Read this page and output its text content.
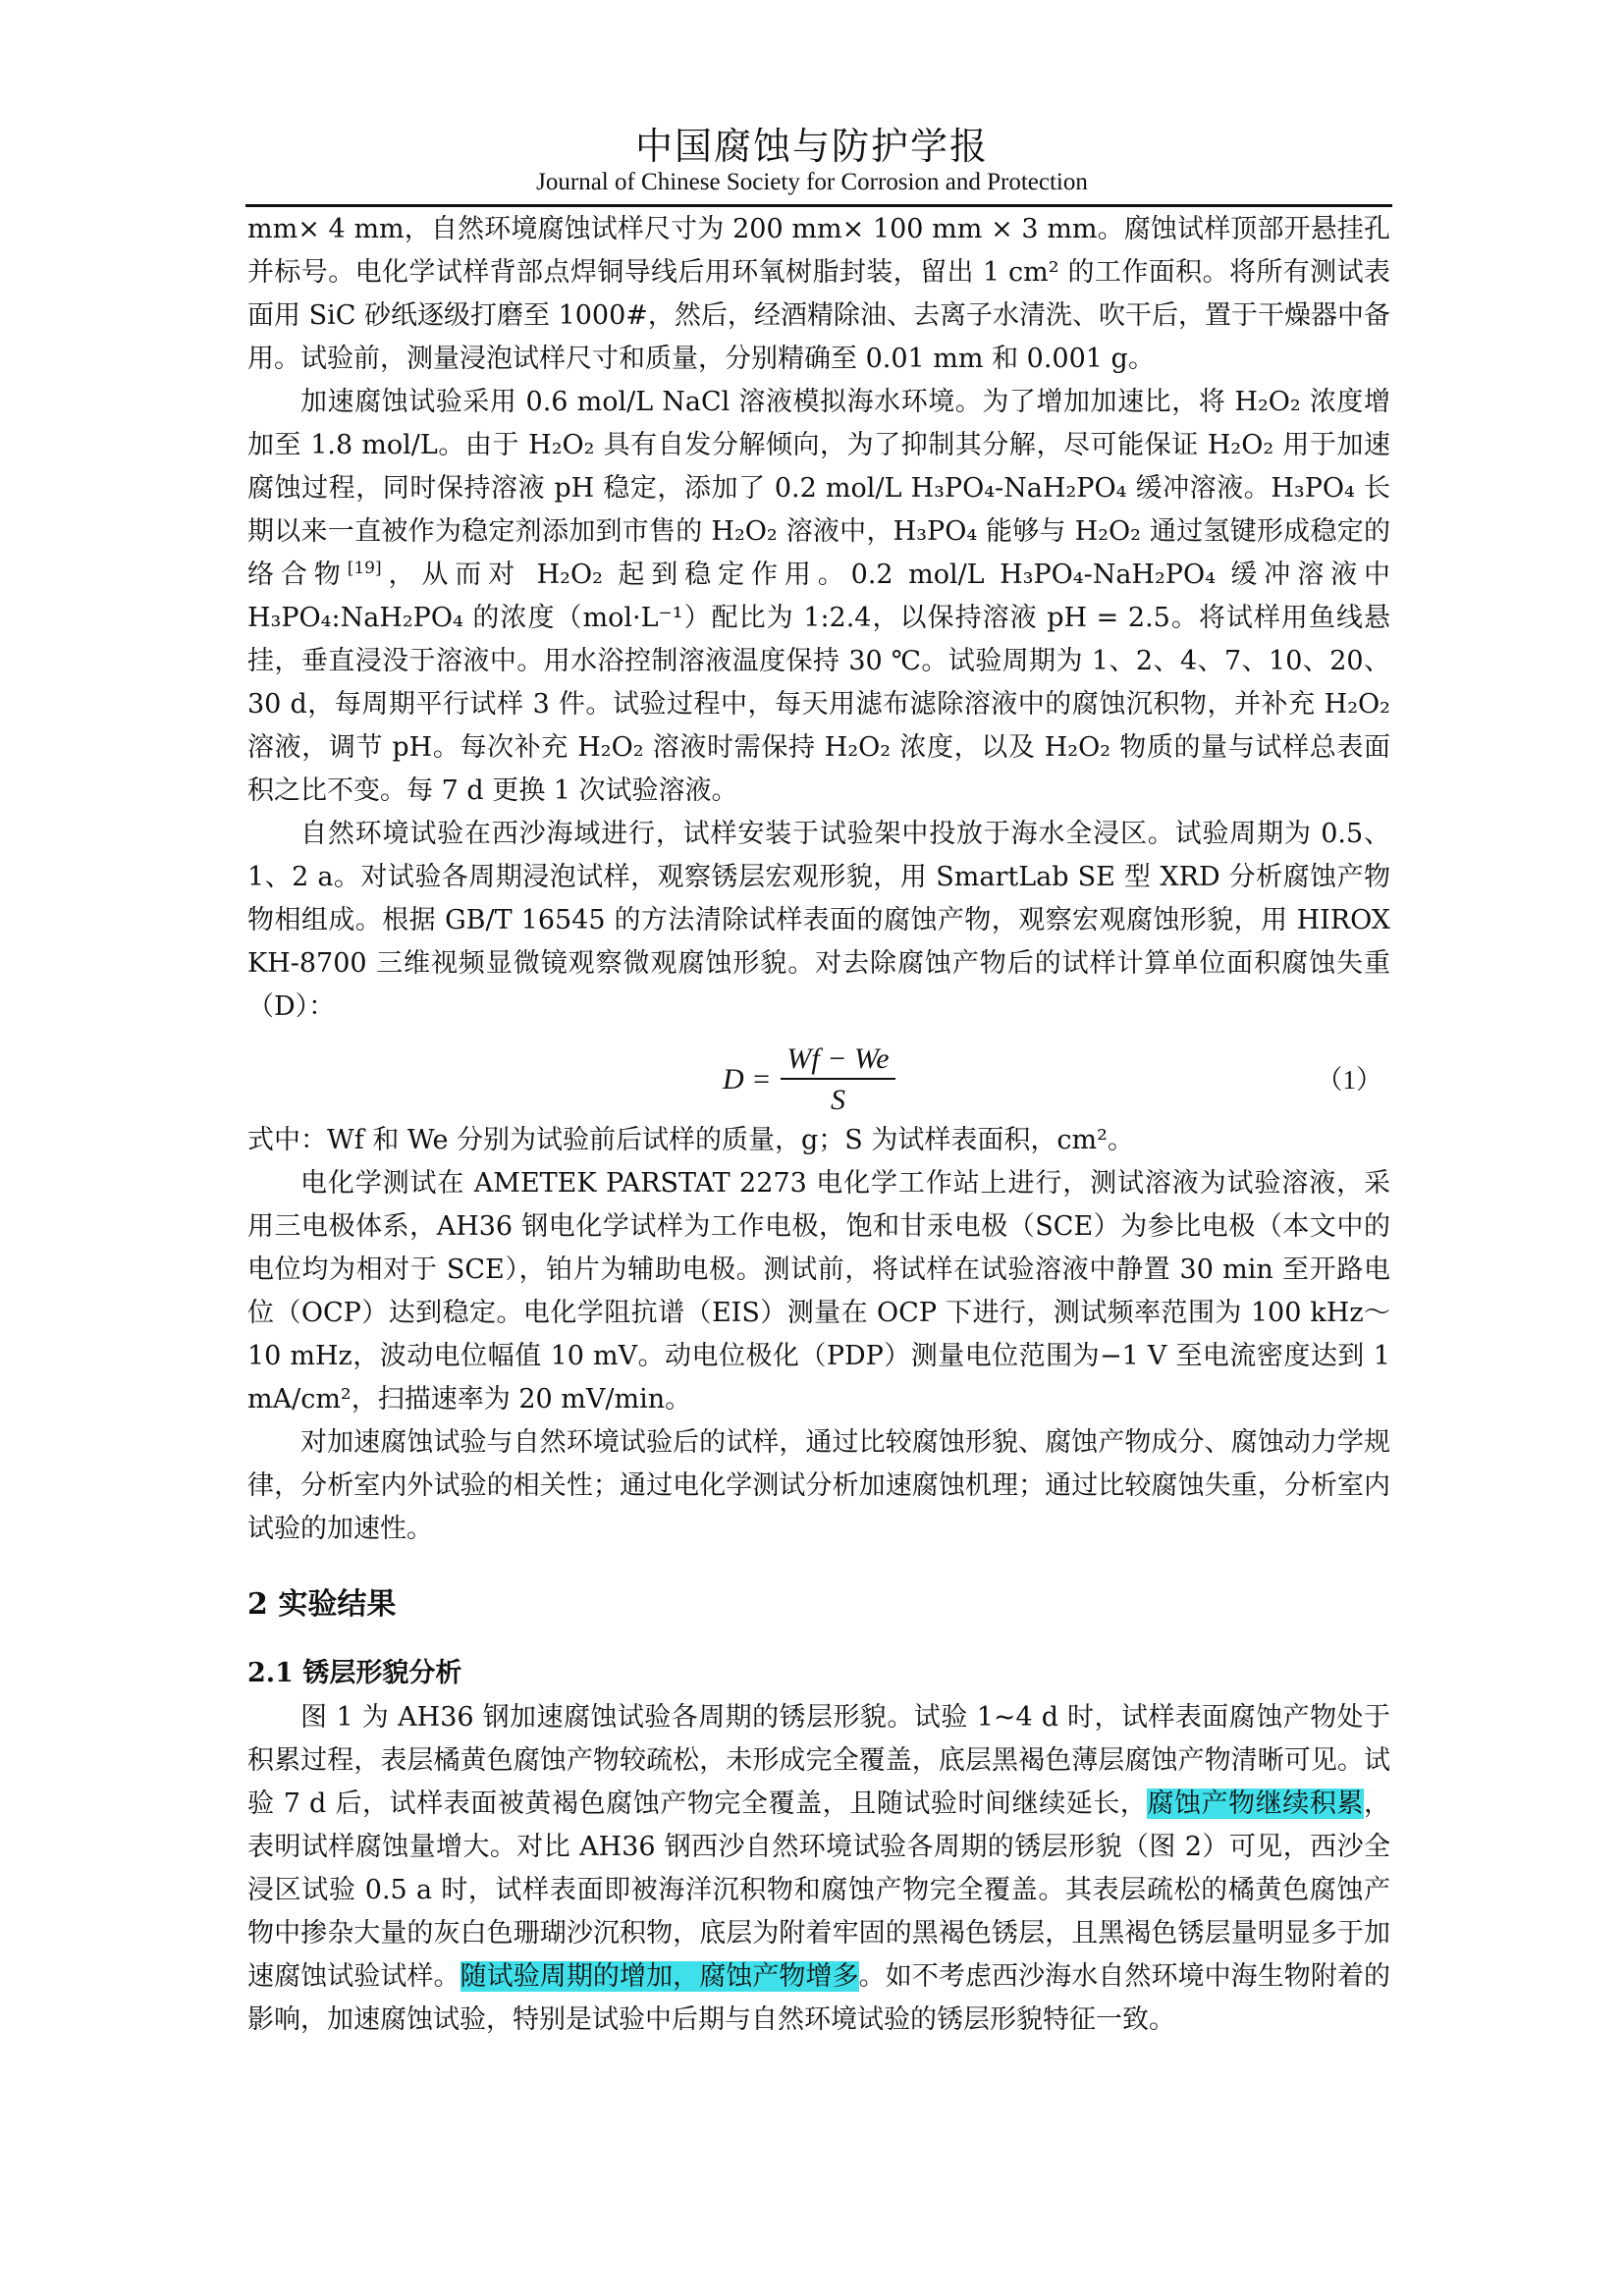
中国腐蚀与防护学报
Journal of Chinese Society for Corrosion and Protection

mm× 4 mm，自然环境腐蚀试样尺寸为 200 mm× 100 mm × 3 mm。腐蚀试样顶部开悬挂孔并标号。电化学试样背部点焊铜导线后用环氧树脂封装，留出 1 cm² 的工作面积。将所有测试表面用 SiC 砂纸逐级打磨至 1000#，然后，经酒精除油、去离子水清洗、吹干后，置于干燥器中备用。试验前，测量浸泡试样尺寸和质量，分别精确至 0.01 mm 和 0.001 g。

加速腐蚀试验采用 0.6 mol/L NaCl 溶液模拟海水环境。为了增加加速比，将 H₂O₂ 浓度增加至 1.8 mol/L。由于 H₂O₂ 具有自发分解倾向，为了抑制其分解，尽可能保证 H₂O₂ 用于加速腐蚀过程，同时保持溶液 pH 稳定，添加了 0.2 mol/L H₃PO₄-NaH₂PO₄ 缓冲溶液。H₃PO₄ 长期以来一直被作为稳定剂添加到市售的 H₂O₂ 溶液中，H₃PO₄ 能够与 H₂O₂ 通过氢键形成稳定的络合物[19]，从而对 H₂O₂ 起到稳定作用。0.2 mol/L H₃PO₄-NaH₂PO₄ 缓冲溶液中 H₃PO₄:NaH₂PO₄ 的浓度（mol·L⁻¹）配比为 1:2.4，以保持溶液 pH = 2.5。将试样用鱼线悬挂，垂直浸没于溶液中。用水浴控制溶液温度保持 30 ℃。试验周期为 1、2、4、7、10、20、30 d，每周期平行试样 3 件。试验过程中，每天用滤布滤除溶液中的腐蚀沉积物，并补充 H₂O₂ 溶液，调节 pH。每次补充 H₂O₂ 溶液时需保持 H₂O₂ 浓度，以及 H₂O₂ 物质的量与试样总表面积之比不变。每 7 d 更换 1 次试验溶液。

自然环境试验在西沙海域进行，试样安装于试验架中投放于海水全浸区。试验周期为 0.5、1、2 a。对试验各周期浸泡试样，观察锈层宏观形貌，用 SmartLab SE 型 XRD 分析腐蚀产物物相组成。根据 GB/T 16545 的方法清除试样表面的腐蚀产物，观察宏观腐蚀形貌，用 HIROX KH-8700 三维视频显微镜观察微观腐蚀形貌。对去除腐蚀产物后的试样计算单位面积腐蚀失重（D）：

$D = \frac{Wf - We}{S}$	（1）

式中：Wf 和 We 分别为试验前后试样的质量，g；S 为试样表面积，cm²。

电化学测试在 AMETEK PARSTAT 2273 电化学工作站上进行，测试溶液为试验溶液，采用三电极体系，AH36 钢电化学试样为工作电极，饱和甘汞电极（SCE）为参比电极（本文中的电位均为相对于 SCE），铂片为辅助电极。测试前，将试样在试验溶液中静置 30 min 至开路电位（OCP）达到稳定。电化学阻抗谱（EIS）测量在 OCP 下进行，测试频率范围为 100 kHz～10 mHz，波动电位幅值 10 mV。动电位极化（PDP）测量电位范围为−1 V 至电流密度达到 1 mA/cm²，扫描速率为 20 mV/min。

对加速腐蚀试验与自然环境试验后的试样，通过比较腐蚀形貌、腐蚀产物成分、腐蚀动力学规律，分析室内外试验的相关性；通过电化学测试分析加速腐蚀机理；通过比较腐蚀失重，分析室内试验的加速性。

2 实验结果
2.1 锈层形貌分析

图 1 为 AH36 钢加速腐蚀试验各周期的锈层形貌。试验 1~4 d 时，试样表面腐蚀产物处于积累过程，表层橘黄色腐蚀产物较疏松，未形成完全覆盖，底层黑褐色薄层腐蚀产物清晰可见。试验 7 d 后，试样表面被黄褐色腐蚀产物完全覆盖，且随试验时间继续延长，腐蚀产物继续积累，表明试样腐蚀量增大。对比 AH36 钢西沙自然环境试验各周期的锈层形貌（图 2）可见，西沙全浸区试验 0.5 a 时，试样表面即被海洋沉积物和腐蚀产物完全覆盖。其表层疏松的橘黄色腐蚀产物中掺杂大量的灰白色珊瑚沙沉积物，底层为附着牢固的黑褐色锈层，且黑褐色锈层量明显多于加速腐蚀试验试样。随试验周期的增加，腐蚀产物增多。如不考虑西沙海水自然环境中海生物附着的影响，加速腐蚀试验，特别是试验中后期与自然环境试验的锈层形貌特征一致。
